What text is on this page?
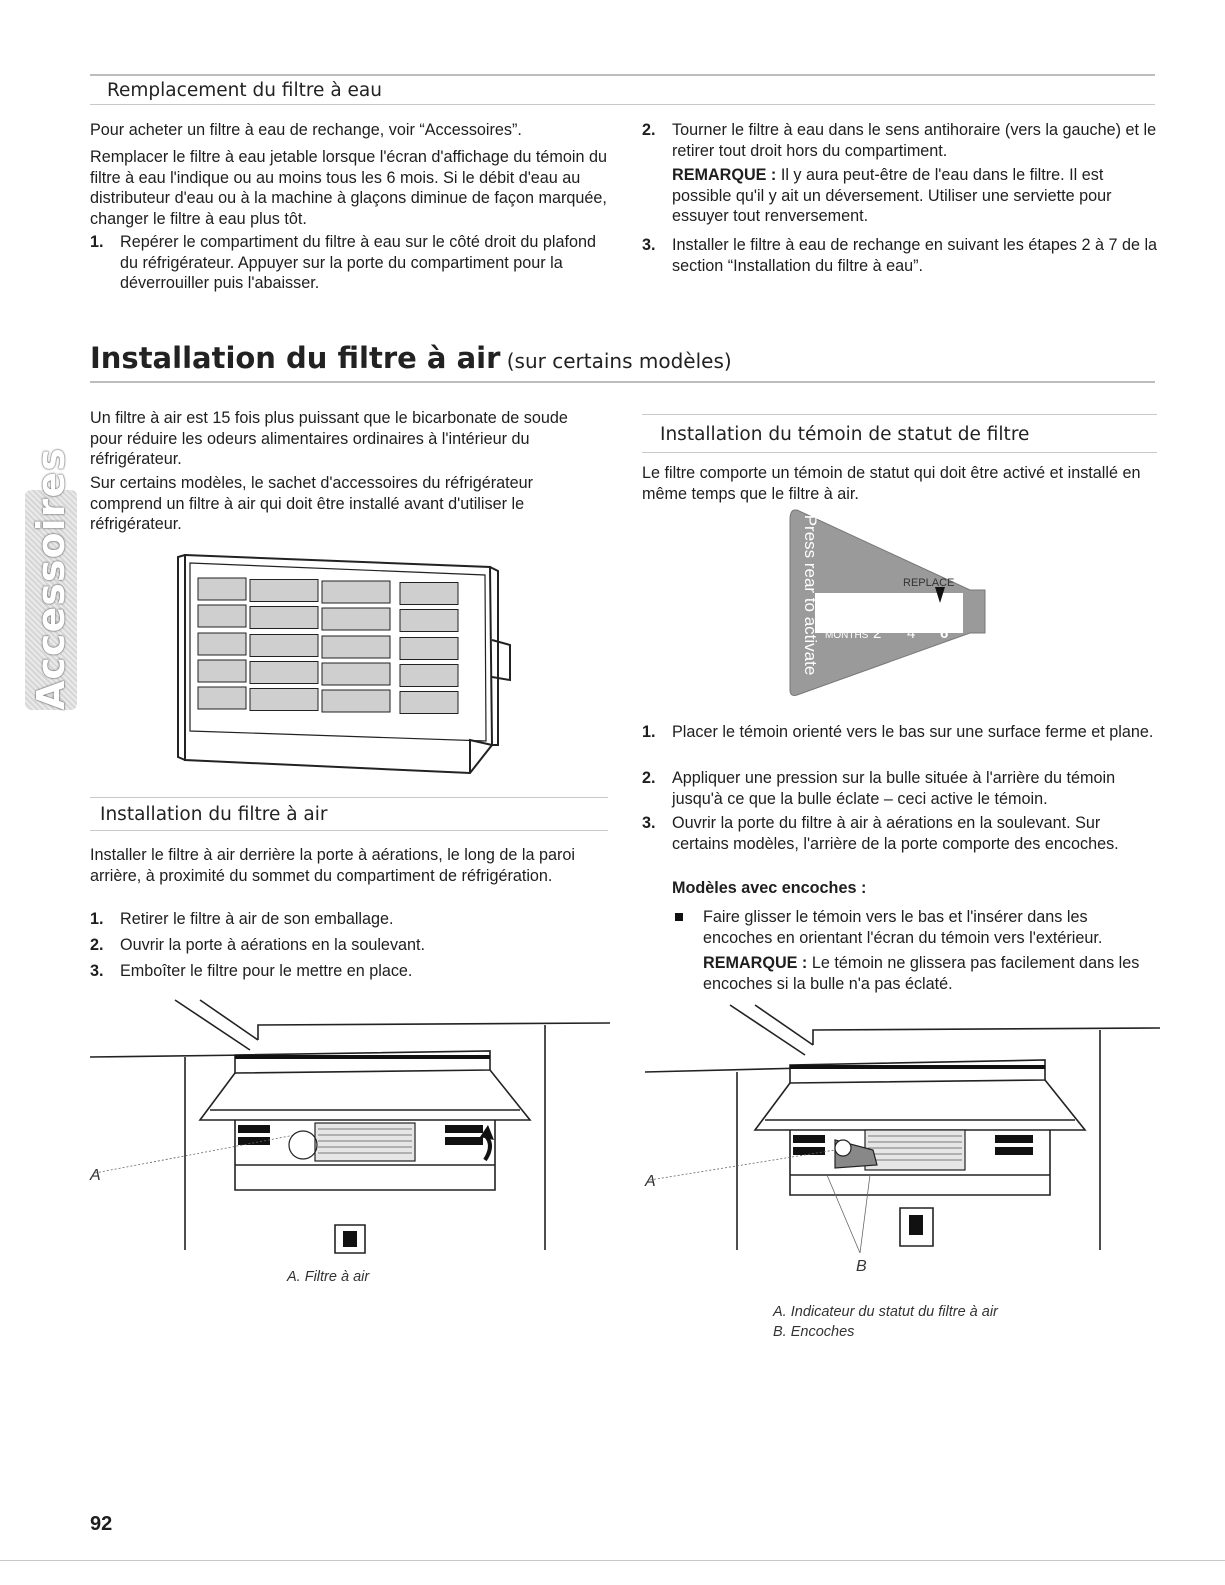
Remplacement du filtre à eau

Pour acheter un filtre à eau de rechange, voir “Accessoires”.

Remplacer le filtre à eau jetable lorsque l'écran d'affichage du témoin du filtre à eau l'indique ou au moins tous les 6 mois. Si le débit d'eau au distributeur d'eau ou à la machine à glaçons diminue de façon marquée, changer le filtre à eau plus tôt.

1. Repérer le compartiment du filtre à eau sur le côté droit du plafond du réfrigérateur. Appuyer sur la porte du compartiment pour la déverrouiller puis l'abaisser.
2. Tourner le filtre à eau dans le sens antihoraire (vers la gauche) et le retirer tout droit hors du compartiment.

REMARQUE : Il y aura peut-être de l'eau dans le filtre. Il est possible qu'il y ait un déversement. Utiliser une serviette pour essuyer tout renversement.

3. Installer le filtre à eau de rechange en suivant les étapes 2 à 7 de la section “Installation du filtre à eau”.
Installation du filtre à air (sur certains modèles)
Accessoires

Un filtre à air est 15 fois plus puissant que le bicarbonate de soude pour réduire les odeurs alimentaires ordinaires à l'intérieur du réfrigérateur.

Sur certains modèles, le sachet d'accessoires du réfrigérateur comprend un filtre à air qui doit être installé avant d'utiliser le réfrigérateur.

Installation du filtre à air

Installer le filtre à air derrière la porte à aérations, le long de la paroi arrière, à proximité du sommet du compartiment de réfrigération.

1. Retirer le filtre à air de son emballage.
2. Ouvrir la porte à aérations en la soulevant.
3. Emboîter le filtre pour le mettre en place.
A
A. Filtre à air
Installation du témoin de statut de filtre

Le filtre comporte un témoin de statut qui doit être activé et installé en même temps que le filtre à air.

Press rear to activate	REPLACE
MONTHS 2 4 6
1. Placer le témoin orienté vers le bas sur une surface ferme et plane.
2. Appliquer une pression sur la bulle située à l'arrière du témoin jusqu'à ce que la bulle éclate – ceci active le témoin.
3. Ouvrir la porte du filtre à air à aérations en la soulevant. Sur certains modèles, l'arrière de la porte comporte des encoches.

Modèles avec encoches :

Faire glisser le témoin vers le bas et l'insérer dans les encoches en orientant l'écran du témoin vers l'extérieur.

REMARQUE : Le témoin ne glissera pas facilement dans les encoches si la bulle n'a pas éclaté.

A
B
A. Indicateur du statut du filtre à air
B. Encoches
92
